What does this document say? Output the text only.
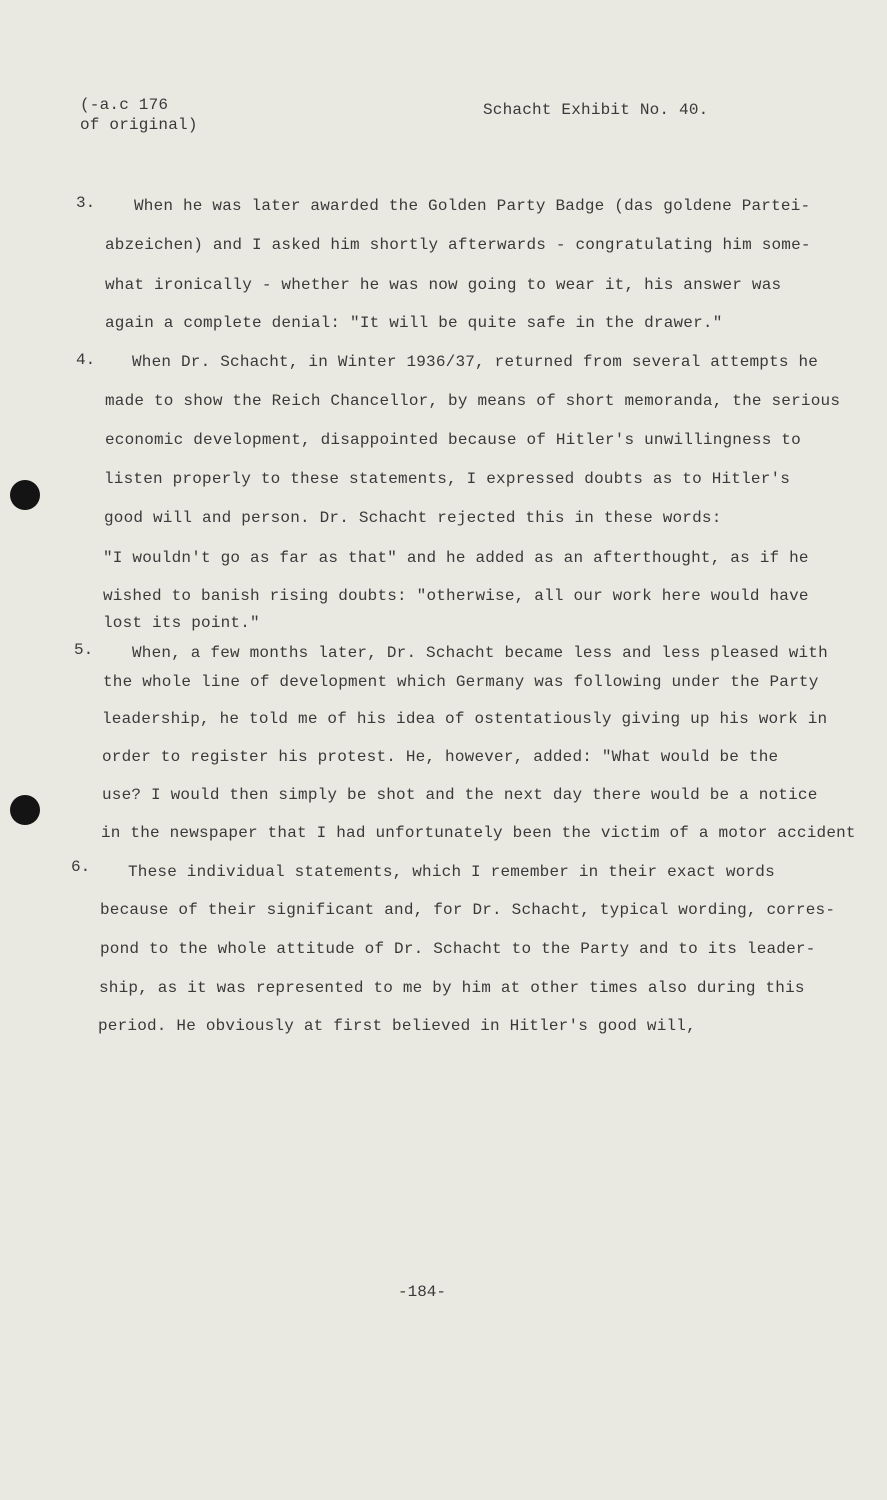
(-a.c 176
of original)
Schacht Exhibit No. 40.
3. When he was later awarded the Golden Party Badge (das goldene Partei-
abzeichen) and I asked him shortly afterwards - congratulating him some-
what ironically - whether he was now going to wear it, his answer was
again a complete denial: "It will be quite safe in the drawer."
4. When Dr. Schacht, in Winter 1936/37, returned from several attempts he
made to show the Reich Chancellor, by means of short memoranda, the serious
economic development, disappointed because of Hitler's unwillingness to
listen properly to these statements, I expressed doubts as to Hitler's
good will and person. Dr. Schacht rejected this in these words:
"I wouldn't go as far as that" and he added as an afterthought, as if he
wished to banish rising doubts: "otherwise, all our work here would have
lost its point."
5. When, a few months later, Dr. Schacht became less and less pleased with
the whole line of development which Germany was following under the Party
leadership, he told me of his idea of ostentatiously giving up his work in
order to register his protest. He, however, added: "What would be the
use? I would then simply be shot and the next day there would be a notice
in the newspaper that I had unfortunately been the victim of a motor accident
6. These individual statements, which I remember in their exact words
because of their significant and, for Dr. Schacht, typical wording, corres-
pond to the whole attitude of Dr. Schacht to the Party and to its leader-
ship, as it was represented to me by him at other times also during this
period. He obviously at first believed in Hitler's good will,
-184-
